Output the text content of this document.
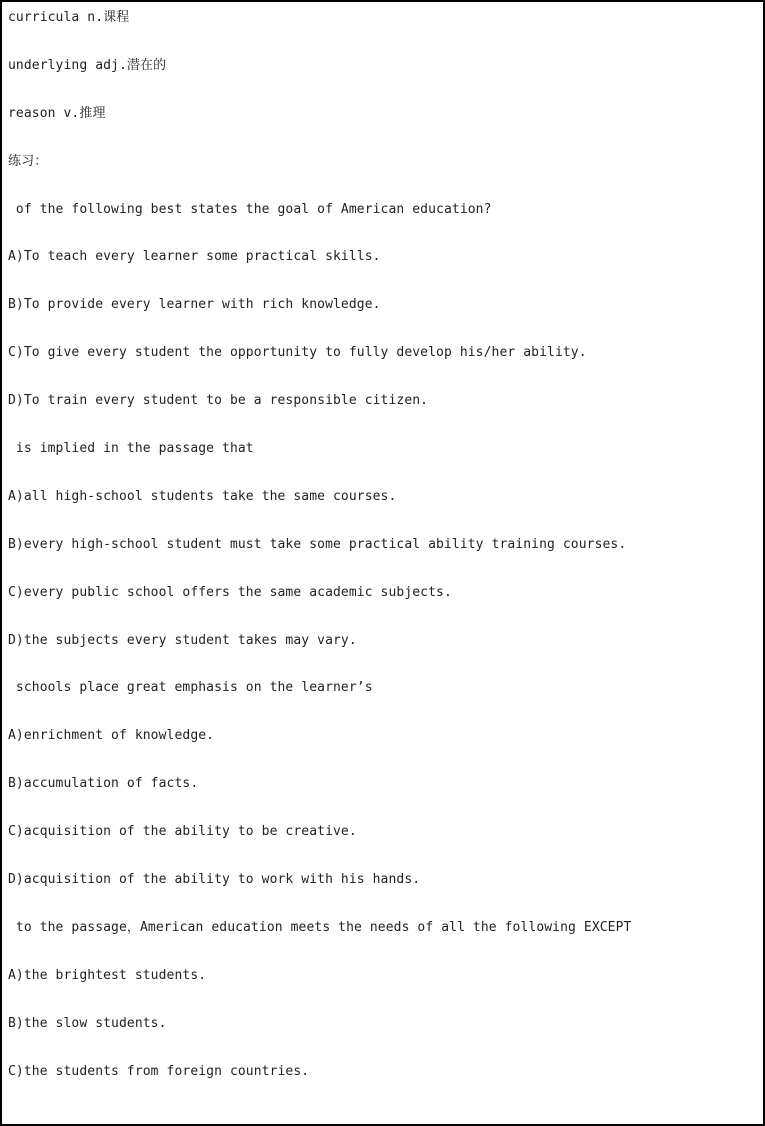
curricula n.课程
underlying adj.潜在的
reason v.推理
练习：
of the following best states the goal of American education?
A)To teach every learner some practical skills.
B)To provide every learner with rich knowledge.
C)To give every student the opportunity to fully develop his/her ability.
D)To train every student to be a responsible citizen.
is implied in the passage that
A)all high-school students take the same courses.
B)every high-school student must take some practical ability training courses.
C)every public school offers the same academic subjects.
D)the subjects every student takes may vary.
schools place great emphasis on the learner’s
A)enrichment of knowledge.
B)accumulation of facts.
C)acquisition of the ability to be creative.
D)acquisition of the ability to work with his hands.
to the passage，American education meets the needs of all the following EXCEPT
A)the brightest students.
B)the slow students.
C)the students from foreign countries.
